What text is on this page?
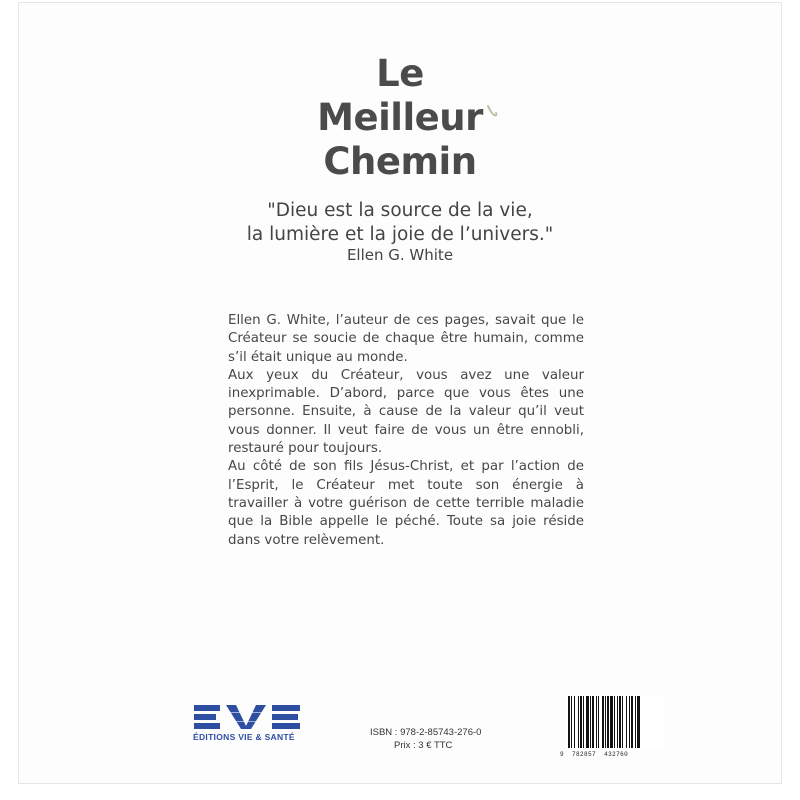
Le
Meilleur
Chemin
"Dieu est la source de la vie,
la lumière et la joie de l’univers."
Ellen G. White

Ellen G. White, l’auteur de ces pages, savait que le Créateur se soucie de chaque être humain, comme s’il était unique au monde.

Aux yeux du Créateur, vous avez une valeur inexprimable. D’abord, parce que vous êtes une personne. Ensuite, à cause de la valeur qu’il veut vous donner. Il veut faire de vous un être ennobli, restauré pour toujours.

Au côté de son fils Jésus-Christ, et par l’action de l’Esprit, le Créateur met toute son énergie à travailler à votre guérison de cette terrible maladie que la Bible appelle le péché. Toute sa joie réside dans votre relèvement.

ÉDITIONS VIE & SANTÉ	ISBN : 978-2-85743-276-0
Prix : 3 € TTC
9 782857 432760
